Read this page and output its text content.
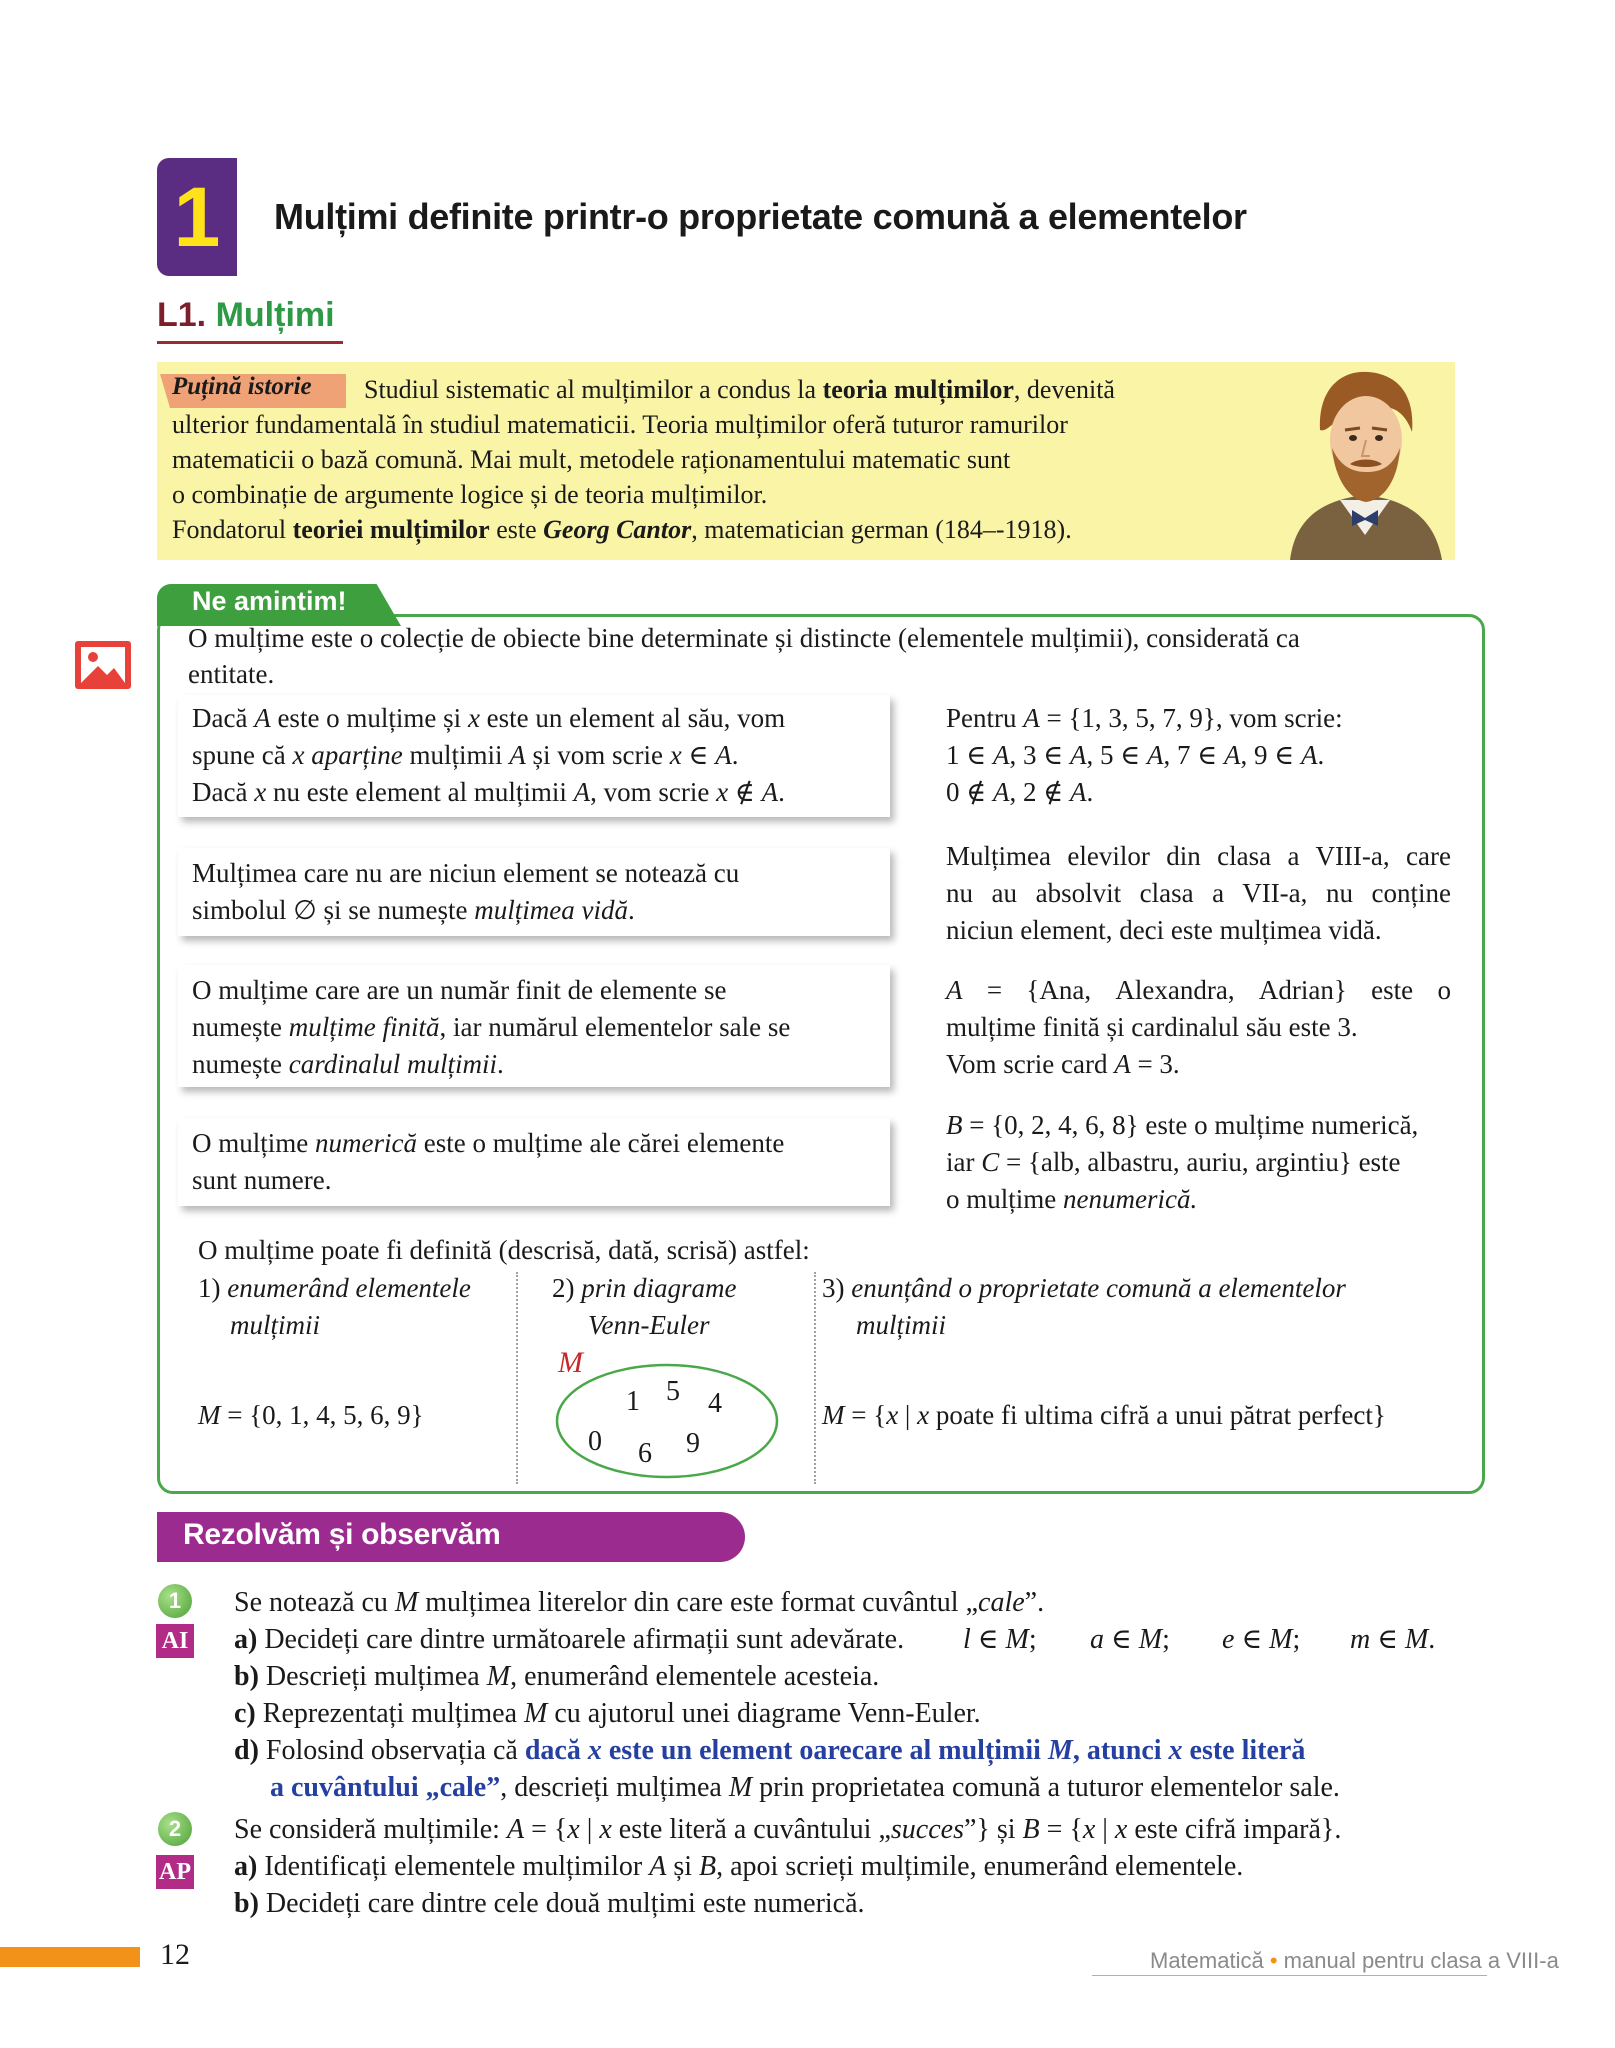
1	Mulțimi definite printr-o proprietate comună a elementelor
L1. Mulțimi
Puțină istorie Studiul sistematic al mulțimilor a condus la teoria mulțimilor, devenită
ulterior fundamentală în studiul matematicii. Teoria mulțimilor oferă tuturor ramurilor
matematicii o bază comună. Mai mult, metodele raționamentului matematic sunt
o combinație de argumente logice și de teoria mulțimilor.
Fondatorul teoriei mulțimilor este Georg Cantor, matematician german (184–-1918).
Ne amintim!
O mulțime este o colecție de obiecte bine determinate și distincte (elementele mulțimii), considerată ca
entitate.
Dacă A este o mulțime și x este un element al său, vom
spune că x aparține mulțimii A și vom scrie x ∈ A.
Dacă x nu este element al mulțimii A, vom scrie x ∉ A.
Pentru A = {1, 3, 5, 7, 9}, vom scrie:
1 ∈ A, 3 ∈ A, 5 ∈ A, 7 ∈ A, 9 ∈ A.
0 ∉ A, 2 ∉ A.
Mulțimea care nu are niciun element se notează cu
simbolul ∅ și se numește mulțimea vidă.
Mulțimea elevilor din clasa a VIII-a, care
nu au absolvit clasa a VII-a, nu conține
niciun element, deci este mulțimea vidă.
O mulțime care are un număr finit de elemente se
numește mulțime finită, iar numărul elementelor sale se
numește cardinalul mulțimii.
A = {Ana, Alexandra, Adrian} este o
mulțime finită și cardinalul său este 3.
Vom scrie card A = 3.
O mulțime numerică este o mulțime ale cărei elemente
sunt numere.
B = {0, 2, 4, 6, 8} este o mulțime numerică,
iar C = {alb, albastru, auriu, argintiu} este
o mulțime nenumerică.
O mulțime poate fi definită (descrisă, dată, scrisă) astfel:
1) enumerând elementele
mulțimii
2) prin diagrame
Venn-Euler
3) enunțând o proprietate comună a elementelor
mulțimii
M = {0, 1, 4, 5, 6, 9}
M
1 5 4
0 6 9
M = {x | x poate fi ultima cifră a unui pătrat perfect}
Rezolvăm și observăm
1
AI
Se notează cu M mulțimea literelor din care este format cuvântul „cale”.
a) Decideți care dintre următoarele afirmații sunt adevărate. l ∈ M; a ∈ M; e ∈ M; m ∈ M.
b) Descrieți mulțimea M, enumerând elementele acesteia.
c) Reprezentați mulțimea M cu ajutorul unei diagrame Venn-Euler.
d) Folosind observația că dacă x este un element oarecare al mulțimii M, atunci x este literă
a cuvântului „cale”, descrieți mulțimea M prin proprietatea comună a tuturor elementelor sale.
2
AP
Se consideră mulțimile: A = {x | x este literă a cuvântului „succes”} și B = {x | x este cifră impară}.
a) Identificați elementele mulțimilor A și B, apoi scrieți mulțimile, enumerând elementele.
b) Decideți care dintre cele două mulțimi este numerică.
12	Matematică • manual pentru clasa a VIII-a
